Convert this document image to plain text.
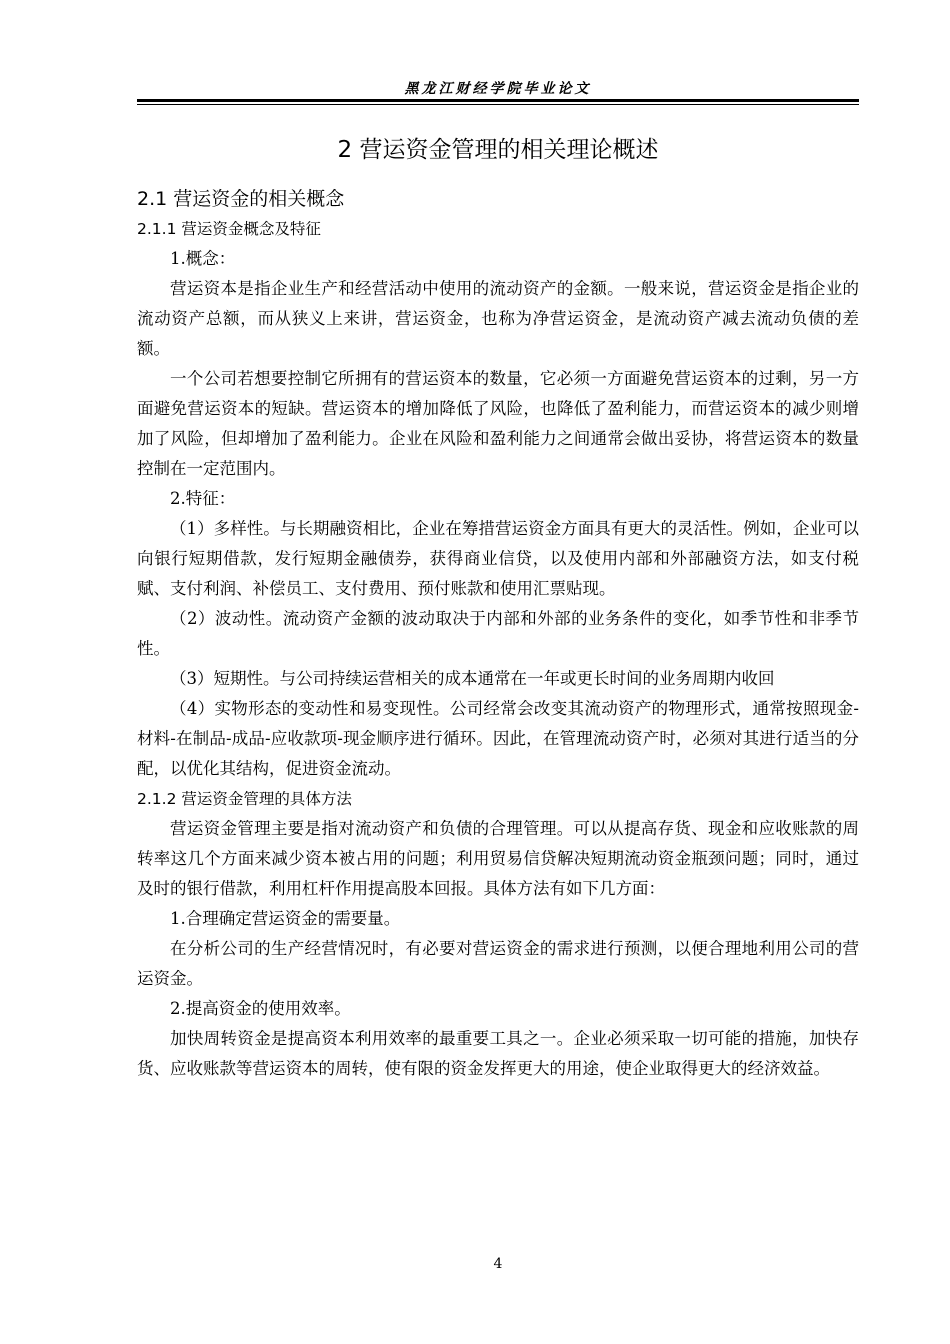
黑龙江财经学院毕业论文
2 营运资金管理的相关理论概述
2.1 营运资金的相关概念
2.1.1 营运资金概念及特征

1.概念：

营运资本是指企业生产和经营活动中使用的流动资产的金额。一般来说，营运资金是指企业的流动资产总额，而从狭义上来讲，营运资金，也称为净营运资金，是流动资产减去流动负债的差额。

一个公司若想要控制它所拥有的营运资本的数量，它必须一方面避免营运资本的过剩，另一方面避免营运资本的短缺。营运资本的增加降低了风险，也降低了盈利能力，而营运资本的减少则增加了风险，但却增加了盈利能力。企业在风险和盈利能力之间通常会做出妥协，将营运资本的数量控制在一定范围内。

2.特征：

（1）多样性。与长期融资相比，企业在筹措营运资金方面具有更大的灵活性。例如，企业可以向银行短期借款，发行短期金融债券，获得商业信贷，以及使用内部和外部融资方法，如支付税赋、支付利润、补偿员工、支付费用、预付账款和使用汇票贴现。

（2）波动性。流动资产金额的波动取决于内部和外部的业务条件的变化，如季节性和非季节性。

（3）短期性。与公司持续运营相关的成本通常在一年或更长时间的业务周期内收回

（4）实物形态的变动性和易变现性。公司经常会改变其流动资产的物理形式，通常按照现金-材料-在制品-成品-应收款项-现金顺序进行循环。因此，在管理流动资产时，必须对其进行适当的分配，以优化其结构，促进资金流动。

2.1.2 营运资金管理的具体方法

营运资金管理主要是指对流动资产和负债的合理管理。可以从提高存货、现金和应收账款的周转率这几个方面来减少资本被占用的问题；利用贸易信贷解决短期流动资金瓶颈问题；同时，通过及时的银行借款，利用杠杆作用提高股本回报。具体方法有如下几方面：

1.合理确定营运资金的需要量。

在分析公司的生产经营情况时，有必要对营运资金的需求进行预测，以便合理地利用公司的营运资金。

2.提高资金的使用效率。

加快周转资金是提高资本利用效率的最重要工具之一。企业必须采取一切可能的措施，加快存货、应收账款等营运资本的周转，使有限的资金发挥更大的用途，使企业取得更大的经济效益。

4
